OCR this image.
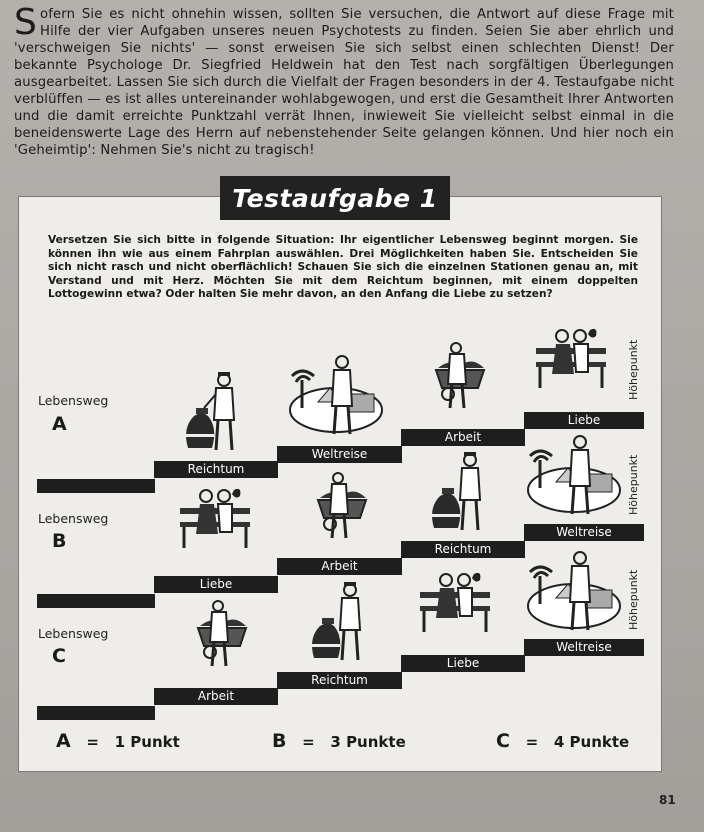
Sofern Sie es nicht ohnehin wissen, sollten Sie versuchen, die Antwort auf diese Frage mit Hilfe der vier Aufgaben unseres neuen Psychotests zu finden. Seien Sie aber ehrlich und 'verschweigen Sie nichts' — sonst erweisen Sie sich selbst einen schlechten Dienst! Der bekannte Psychologe Dr. Siegfried Heldwein hat den Test nach sorgfältigen Überlegungen ausgearbeitet. Lassen Sie sich durch die Vielfalt der Fragen besonders in der 4. Testaufgabe nicht verblüffen — es ist alles untereinander wohlabgewogen, und erst die Gesamtheit Ihrer Antworten und die damit erreichte Punktzahl verrät Ihnen, inwieweit Sie vielleicht selbst einmal in die beneidenswerte Lage des Herrn auf nebenstehender Seite gelangen können. Und hier noch ein 'Geheimtip': Nehmen Sie's nicht zu tragisch!
Testaufgabe 1
Versetzen Sie sich bitte in folgende Situation: Ihr eigentlicher Lebensweg beginnt morgen. Sie können ihn wie aus einem Fahrplan auswählen. Drei Möglichkeiten haben Sie. Entscheiden Sie sich nicht rasch und nicht oberflächlich! Schauen Sie sich die einzelnen Stationen genau an, mit Verstand und mit Herz. Möchten Sie mit dem Reichtum beginnen, mit einem doppelten Lottogewinn etwa? Oder halten Sie mehr davon, an den Anfang die Liebe zu setzen?
Lebensweg
A
Höhepunkt
Reichtum
Weltreise
Arbeit
Liebe
Lebensweg
B
Höhepunkt
Liebe
Arbeit
Reichtum
Weltreise
Lebensweg
C
Höhepunkt
Arbeit
Reichtum
Liebe
Weltreise
A = 1 Punkt	B = 3 Punkte	C = 4 Punkte
81
